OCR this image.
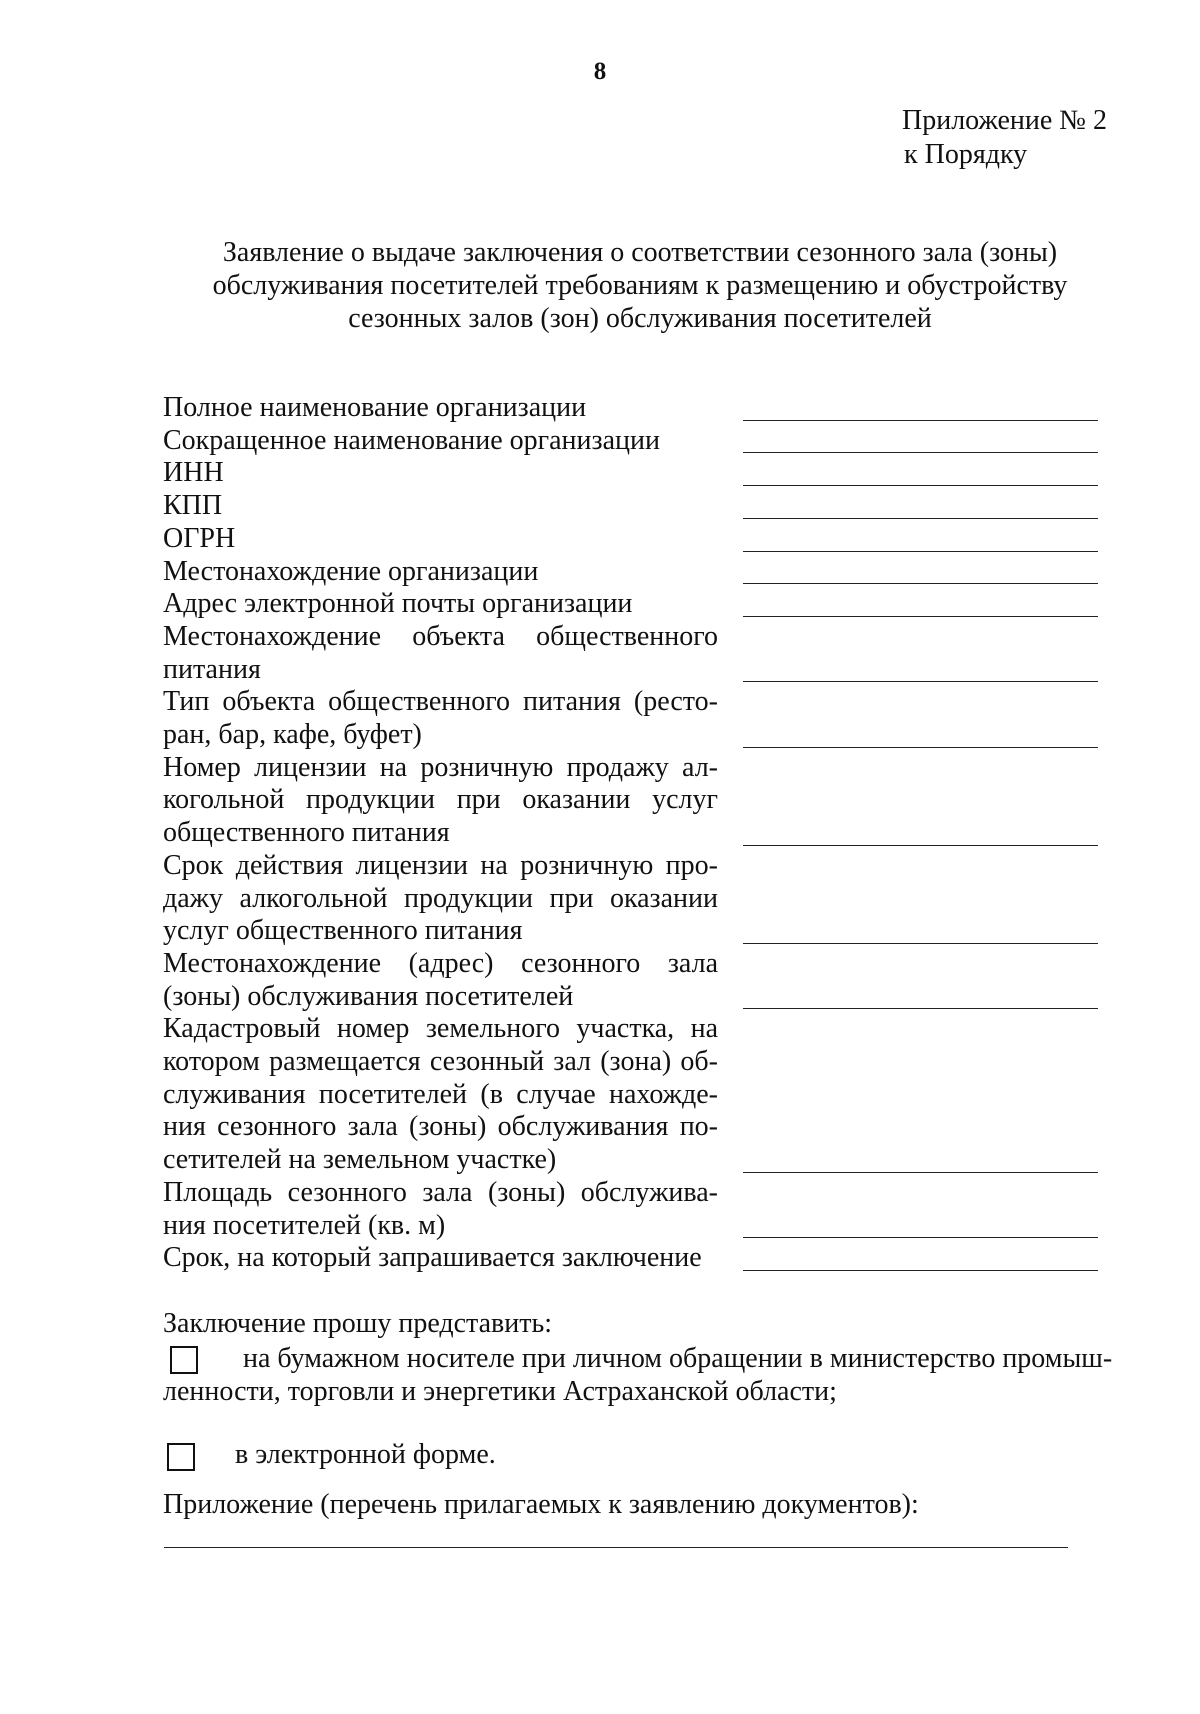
8
Приложение № 2
к Порядку
Заявление о выдаче заключения о соответствии сезонного зала (зоны)
обслуживания посетителей требованиям к размещению и обустройству
сезонных залов (зон) обслуживания посетителей
Полное наименование организации
Сокращенное наименование организации
ИНН
КПП
ОГРН
Местонахождение организации
Адрес электронной почты организации
Местонахождение объекта общественного питания
Тип объекта общественного питания (ресто-ран, бар, кафе, буфет)
Номер лицензии на розничную продажу ал-когольной продукции при оказании услуг общественного питания
Срок действия лицензии на розничную про-дажу алкогольной продукции при оказании услуг общественного питания
Местонахождение (адрес) сезонного зала (зоны) обслуживания посетителей
Кадастровый номер земельного участка, на котором размещается сезонный зал (зона) об-служивания посетителей (в случае нахожде-ния сезонного зала (зоны) обслуживания по-сетителей на земельном участке)
Площадь сезонного зала (зоны) обслужива-ния посетителей (кв. м)
Срок, на который запрашивается заключение
Заключение прошу представить:
на бумажном носителе при личном обращении в министерство промыш-ленности, торговли и энергетики Астраханской области;
в электронной форме.
Приложение (перечень прилагаемых к заявлению документов):
